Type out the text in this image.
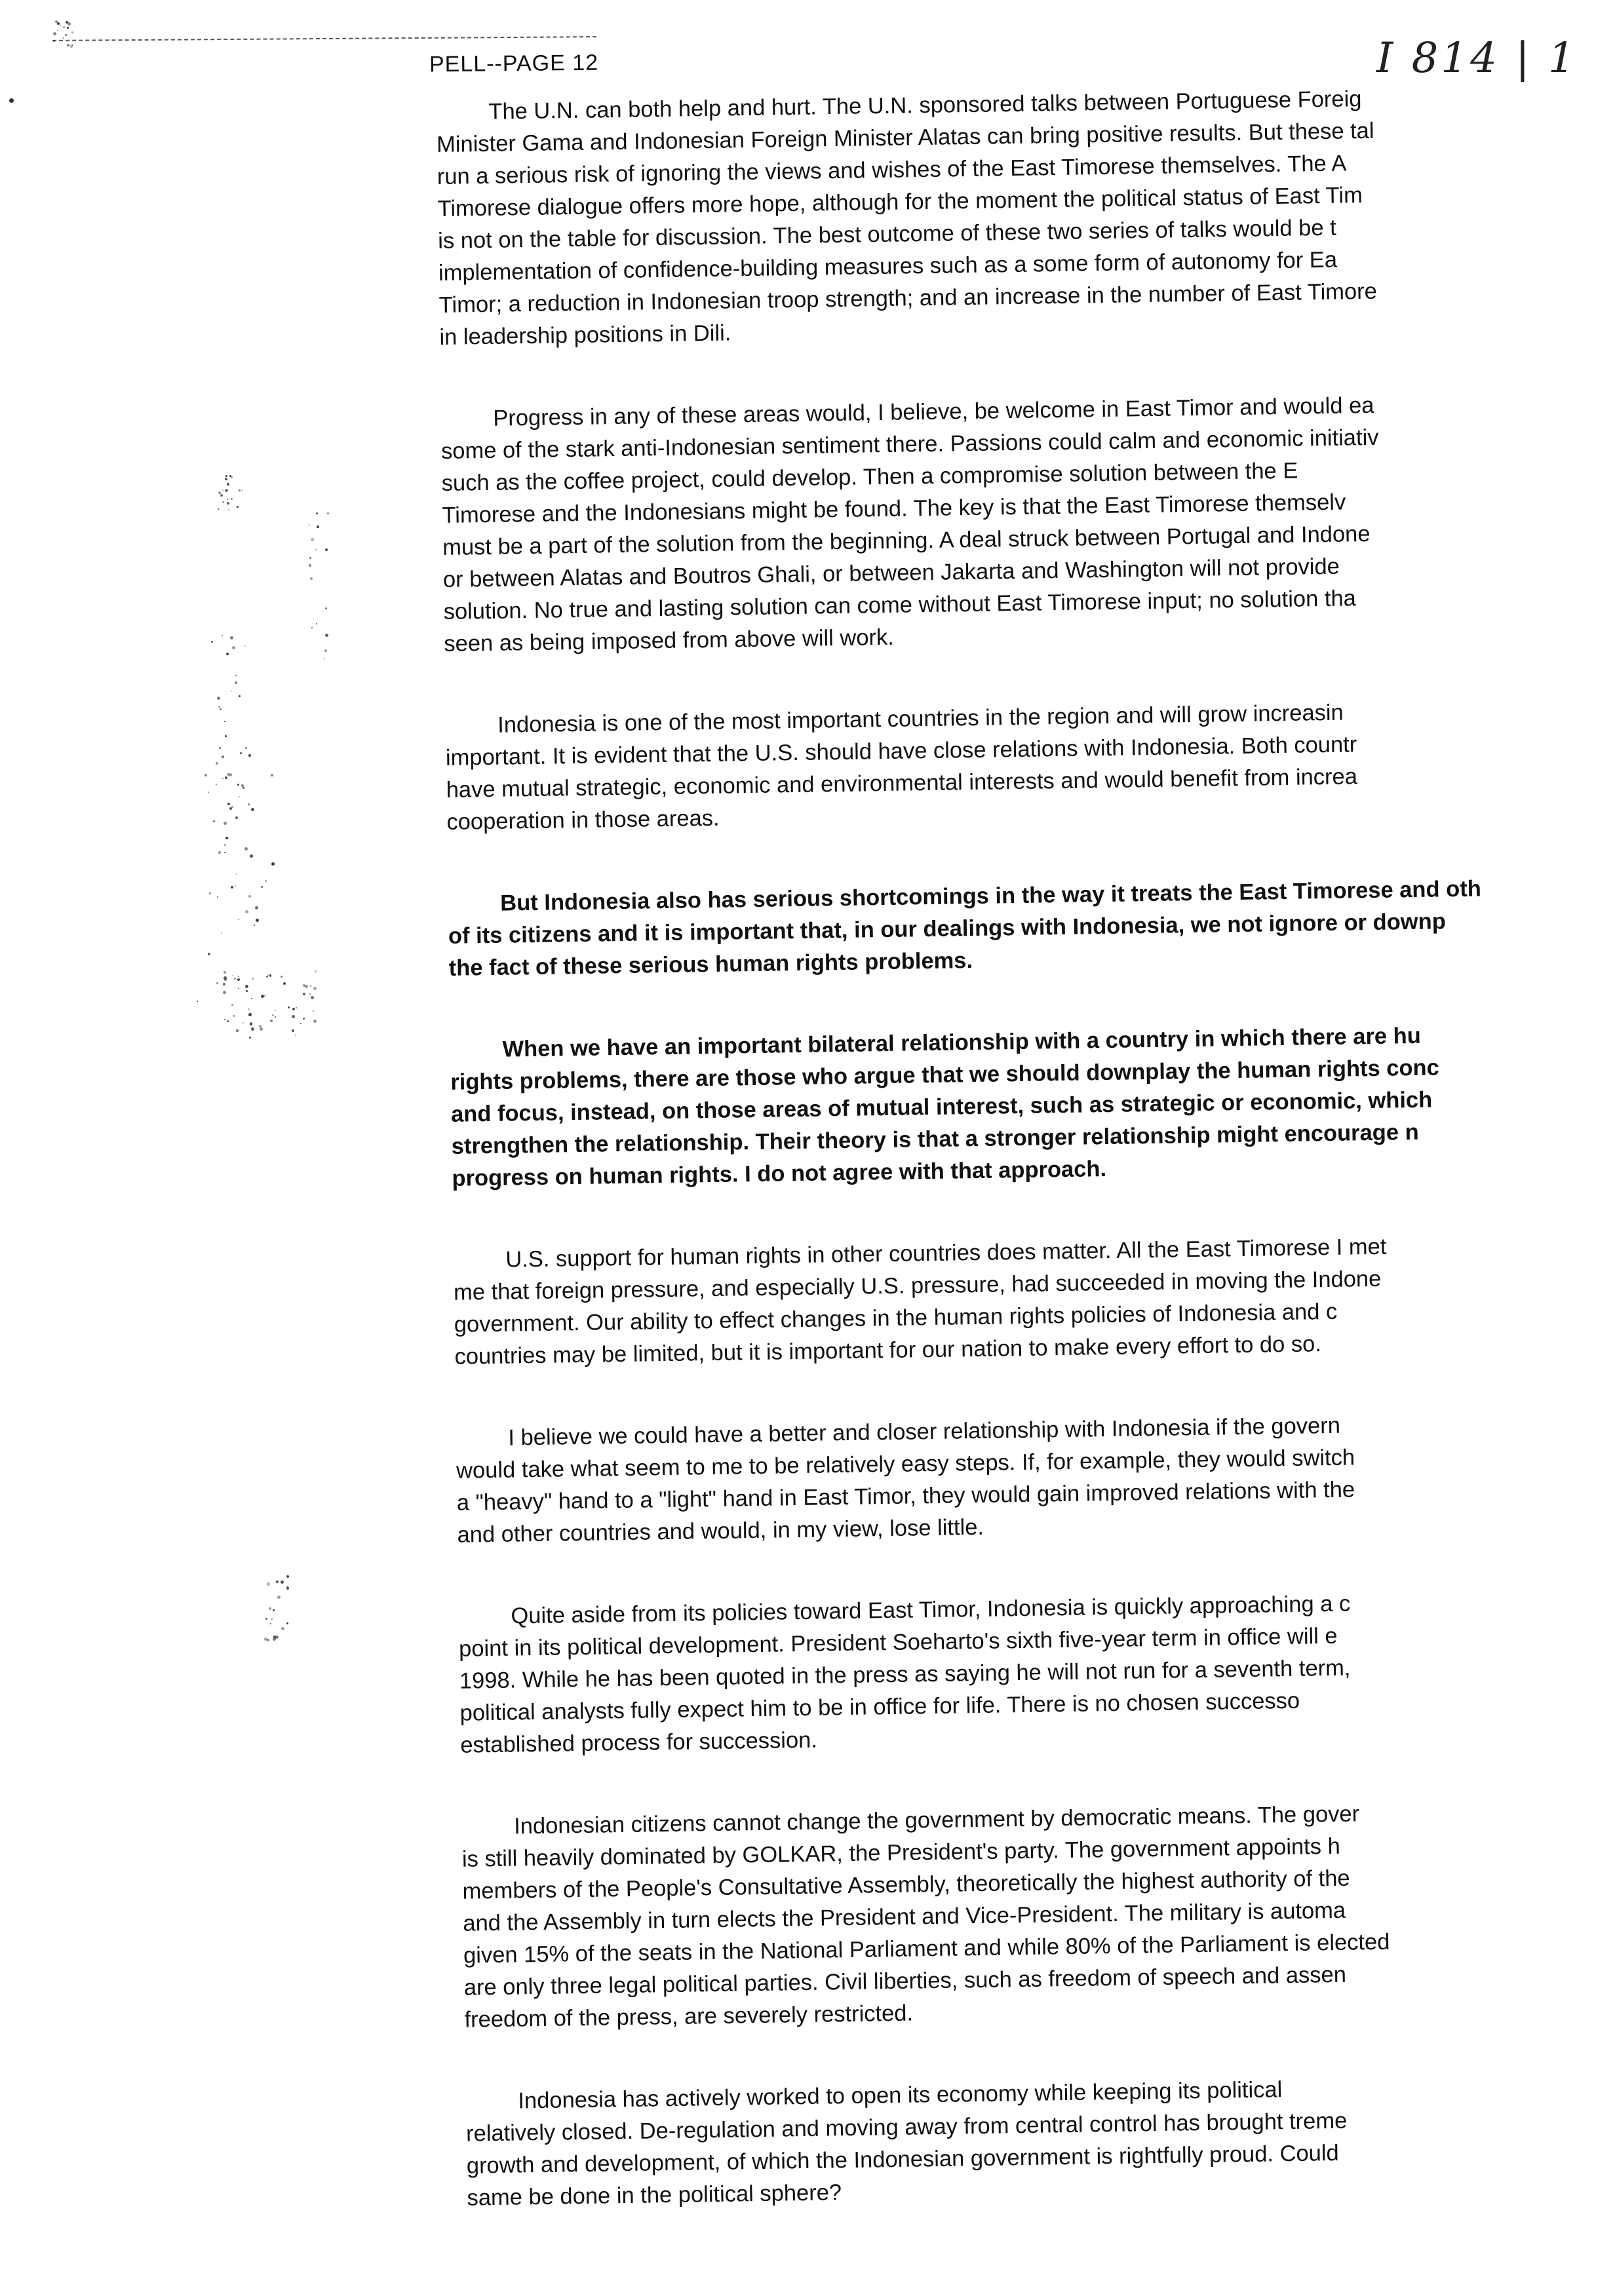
PELL--PAGE 12	I 814 | 1

The U.N. can both help and hurt. The U.N. sponsored talks between Portuguese Foreig
Minister Gama and Indonesian Foreign Minister Alatas can bring positive results. But these tal
run a serious risk of ignoring the views and wishes of the East Timorese themselves. The A
Timorese dialogue offers more hope, although for the moment the political status of East Tim
is not on the table for discussion. The best outcome of these two series of talks would be t
implementation of confidence-building measures such as a some form of autonomy for Ea
Timor; a reduction in Indonesian troop strength; and an increase in the number of East Timore
in leadership positions in Dili.

Progress in any of these areas would, I believe, be welcome in East Timor and would ea
some of the stark anti-Indonesian sentiment there. Passions could calm and economic initiativ
such as the coffee project, could develop. Then a compromise solution between the E
Timorese and the Indonesians might be found. The key is that the East Timorese themselv
must be a part of the solution from the beginning. A deal struck between Portugal and Indone
or between Alatas and Boutros Ghali, or between Jakarta and Washington will not provide
solution. No true and lasting solution can come without East Timorese input; no solution tha
seen as being imposed from above will work.

Indonesia is one of the most important countries in the region and will grow increasin
important. It is evident that the U.S. should have close relations with Indonesia. Both countr
have mutual strategic, economic and environmental interests and would benefit from increa
cooperation in those areas.

But Indonesia also has serious shortcomings in the way it treats the East Timorese and oth
of its citizens and it is important that, in our dealings with Indonesia, we not ignore or downp
the fact of these serious human rights problems.

When we have an important bilateral relationship with a country in which there are hu
rights problems, there are those who argue that we should downplay the human rights conc
and focus, instead, on those areas of mutual interest, such as strategic or economic, which
strengthen the relationship. Their theory is that a stronger relationship might encourage n
progress on human rights. I do not agree with that approach.

U.S. support for human rights in other countries does matter. All the East Timorese I met
me that foreign pressure, and especially U.S. pressure, had succeeded in moving the Indone
government. Our ability to effect changes in the human rights policies of Indonesia and c
countries may be limited, but it is important for our nation to make every effort to do so.

I believe we could have a better and closer relationship with Indonesia if the govern
would take what seem to me to be relatively easy steps. If, for example, they would switch
a "heavy" hand to a "light" hand in East Timor, they would gain improved relations with the
and other countries and would, in my view, lose little.

Quite aside from its policies toward East Timor, Indonesia is quickly approaching a c
point in its political development. President Soeharto's sixth five-year term in office will e
1998. While he has been quoted in the press as saying he will not run for a seventh term,
political analysts fully expect him to be in office for life. There is no chosen successo
established process for succession.

Indonesian citizens cannot change the government by democratic means. The gover
is still heavily dominated by GOLKAR, the President's party. The government appoints h
members of the People's Consultative Assembly, theoretically the highest authority of the
and the Assembly in turn elects the President and Vice-President. The military is automa
given 15% of the seats in the National Parliament and while 80% of the Parliament is elected
are only three legal political parties. Civil liberties, such as freedom of speech and assen
freedom of the press, are severely restricted.

Indonesia has actively worked to open its economy while keeping its political
relatively closed. De-regulation and moving away from central control has brought treme
growth and development, of which the Indonesian government is rightfully proud. Could
same be done in the political sphere?
